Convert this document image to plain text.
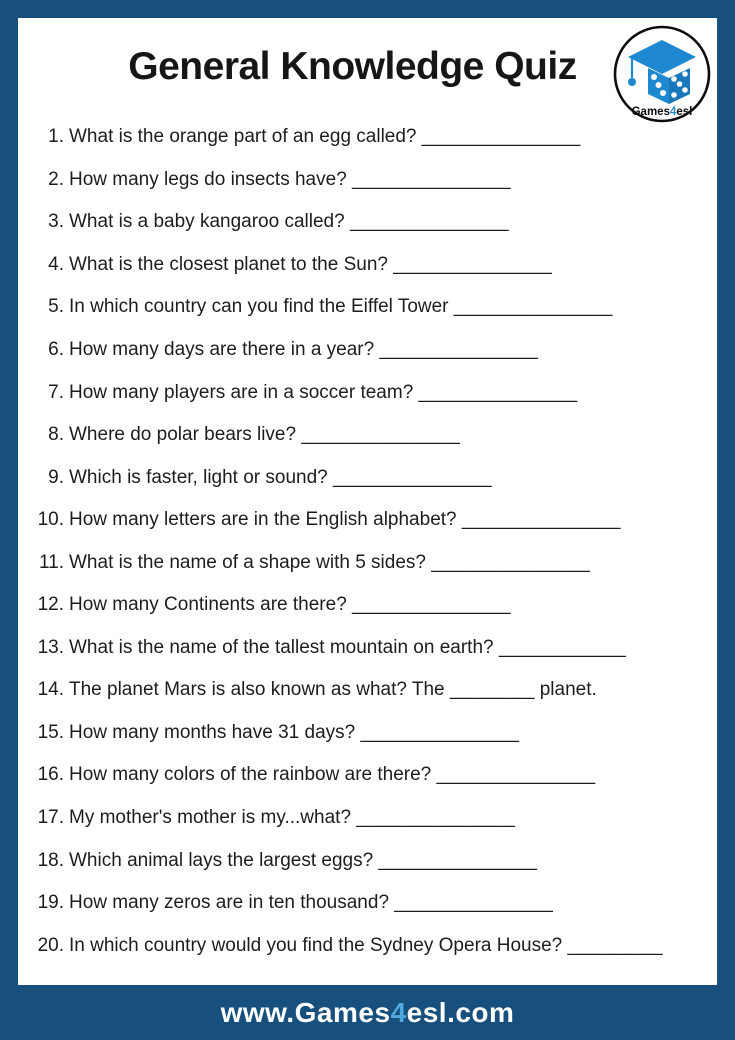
General Knowledge Quiz
Games4esl
1. What is the orange part of an egg called? _______________
2. How many legs do insects have? _______________
3. What is a baby kangaroo called? _______________
4. What is the closest planet to the Sun? _______________
5. In which country can you find the Eiffel Tower _______________
6. How many days are there in a year? _______________
7. How many players are in a soccer team? _______________
8. Where do polar bears live? _______________
9. Which is faster, light or sound? _______________
10. How many letters are in the English alphabet? _______________
11. What is the name of a shape with 5 sides? _______________
12. How many Continents are there? _______________
13. What is the name of the tallest mountain on earth? ____________
14. The planet Mars is also known as what? The ________ planet.
15. How many months have 31 days? _______________
16. How many colors of the rainbow are there? _______________
17. My mother's mother is my...what? _______________
18. Which animal lays the largest eggs? _______________
19. How many zeros are in ten thousand? _______________
20. In which country would you find the Sydney Opera House? _________
www.Games4esl.com
